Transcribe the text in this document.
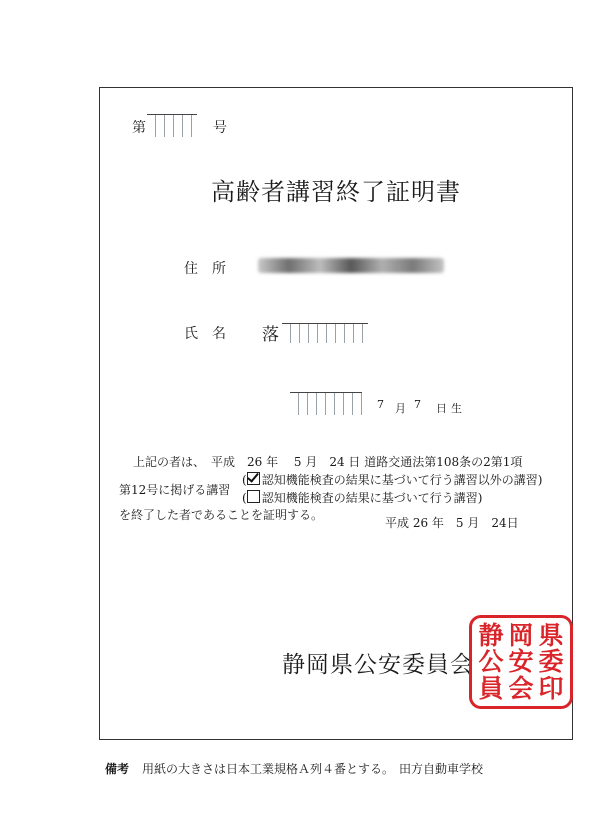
第	号
高齢者講習終了証明書
住　所
氏　名 落
7 月 7 日生
上記の者は、　平成　26 年　 5 月　24 日 道路交通法第108条の2第1項
第12号に掲げる講習
( 認知機能検査の結果に基づいて行う講習以外の講習)
( 認知機能検査の結果に基づいて行う講習)
を終了した者であることを証明する。
平成 26 年　5 月　24日
静岡県公安委員会
静 岡 県
公 安 委
員 会 印
備考 用紙の大きさは日本工業規格Ａ列４番とする。 田方自動車学校
